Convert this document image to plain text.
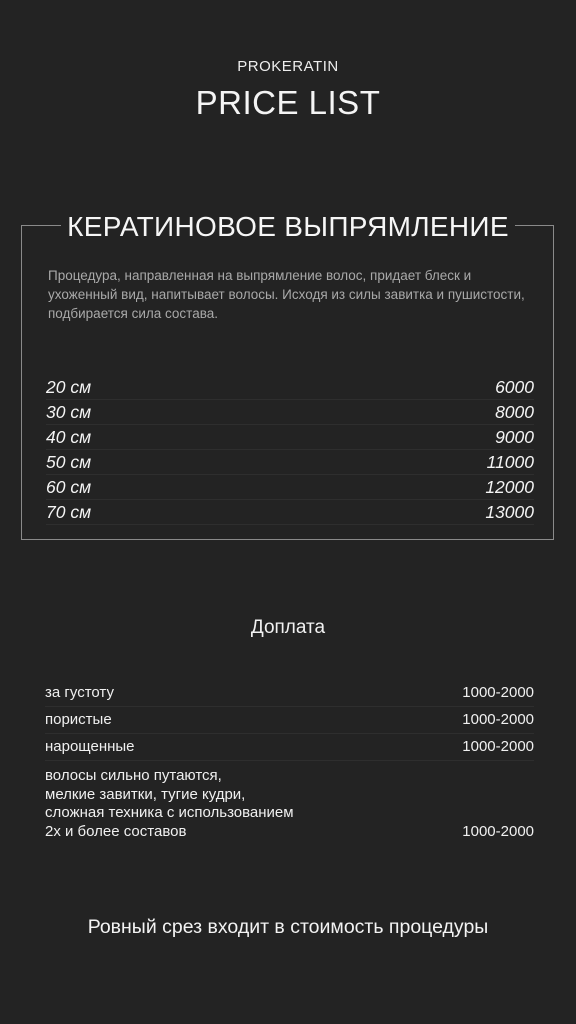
PROKERATIN
PRICE LIST
КЕРАТИНОВОЕ ВЫПРЯМЛЕНИЕ
Процедура, направленная на выпрямление волос, придает блеск и ухоженный вид, напитывает волосы. Исходя из силы завитка и пушистости, подбирается сила состава.
20 см	6000
30 см	8000
40 см	9000
50 см	11000
60 см	12000
70 см	13000
Доплата
за густоту	1000-2000
пористые	1000-2000
нарощенные	1000-2000
волосы сильно путаются,
мелкие завитки, тугие кудри,
сложная техника с использованием
2х и более составов	1000-2000
Ровный срез входит в стоимость процедуры
